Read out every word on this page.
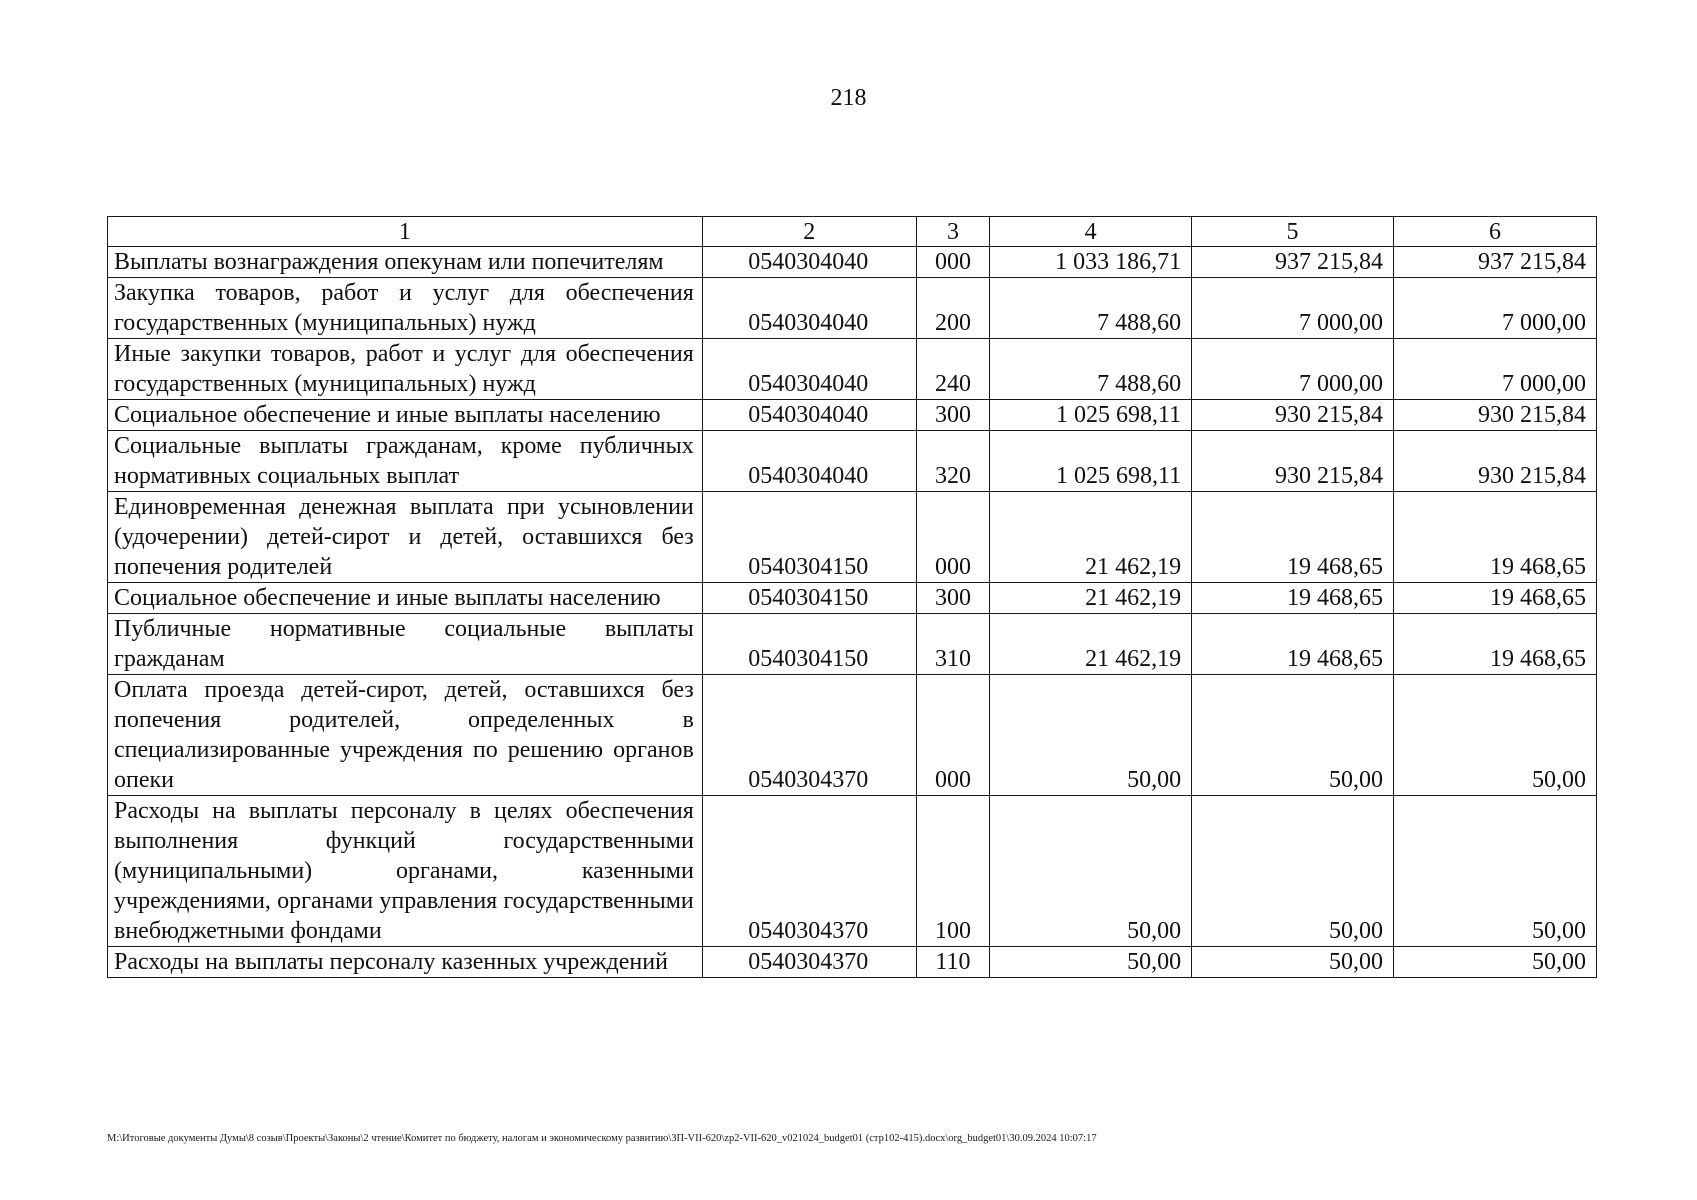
218
1	2	3	4	5	6
Выплаты вознаграждения опекунам или попечителям	0540304040	000	1 033 186,71	937 215,84	937 215,84
Закупка товаров, работ и услуг для обеспечения государственных (муниципальных) нужд	0540304040	200	7 488,60	7 000,00	7 000,00
Иные закупки товаров, работ и услуг для обеспечения государственных (муниципальных) нужд	0540304040	240	7 488,60	7 000,00	7 000,00
Социальное обеспечение и иные выплаты населению	0540304040	300	1 025 698,11	930 215,84	930 215,84
Социальные выплаты гражданам, кроме публичных нормативных социальных выплат	0540304040	320	1 025 698,11	930 215,84	930 215,84
Единовременная денежная выплата при усыновлении (удочерении) детей-сирот и детей, оставшихся без попечения родителей	0540304150	000	21 462,19	19 468,65	19 468,65
Социальное обеспечение и иные выплаты населению	0540304150	300	21 462,19	19 468,65	19 468,65
Публичные нормативные социальные выплаты гражданам	0540304150	310	21 462,19	19 468,65	19 468,65
Оплата проезда детей-сирот, детей, оставшихся без попечения родителей, определенных в специализированные учреждения по решению органов опеки	0540304370	000	50,00	50,00	50,00
Расходы на выплаты персоналу в целях обеспечения выполнения функций государственными (муниципальными) органами, казенными учреждениями, органами управления государственными внебюджетными фондами	0540304370	100	50,00	50,00	50,00
Расходы на выплаты персоналу казенных учреждений	0540304370	110	50,00	50,00	50,00
M:\Итоговые документы Думы\8 созыв\Проекты\Законы\2 чтение\Комитет по бюджету, налогам и экономическому развитию\ЗП-VII-620\zp2-VII-620_v021024_budget01 (стр102-415).docx\org_budget01\30.09.2024 10:07:17
